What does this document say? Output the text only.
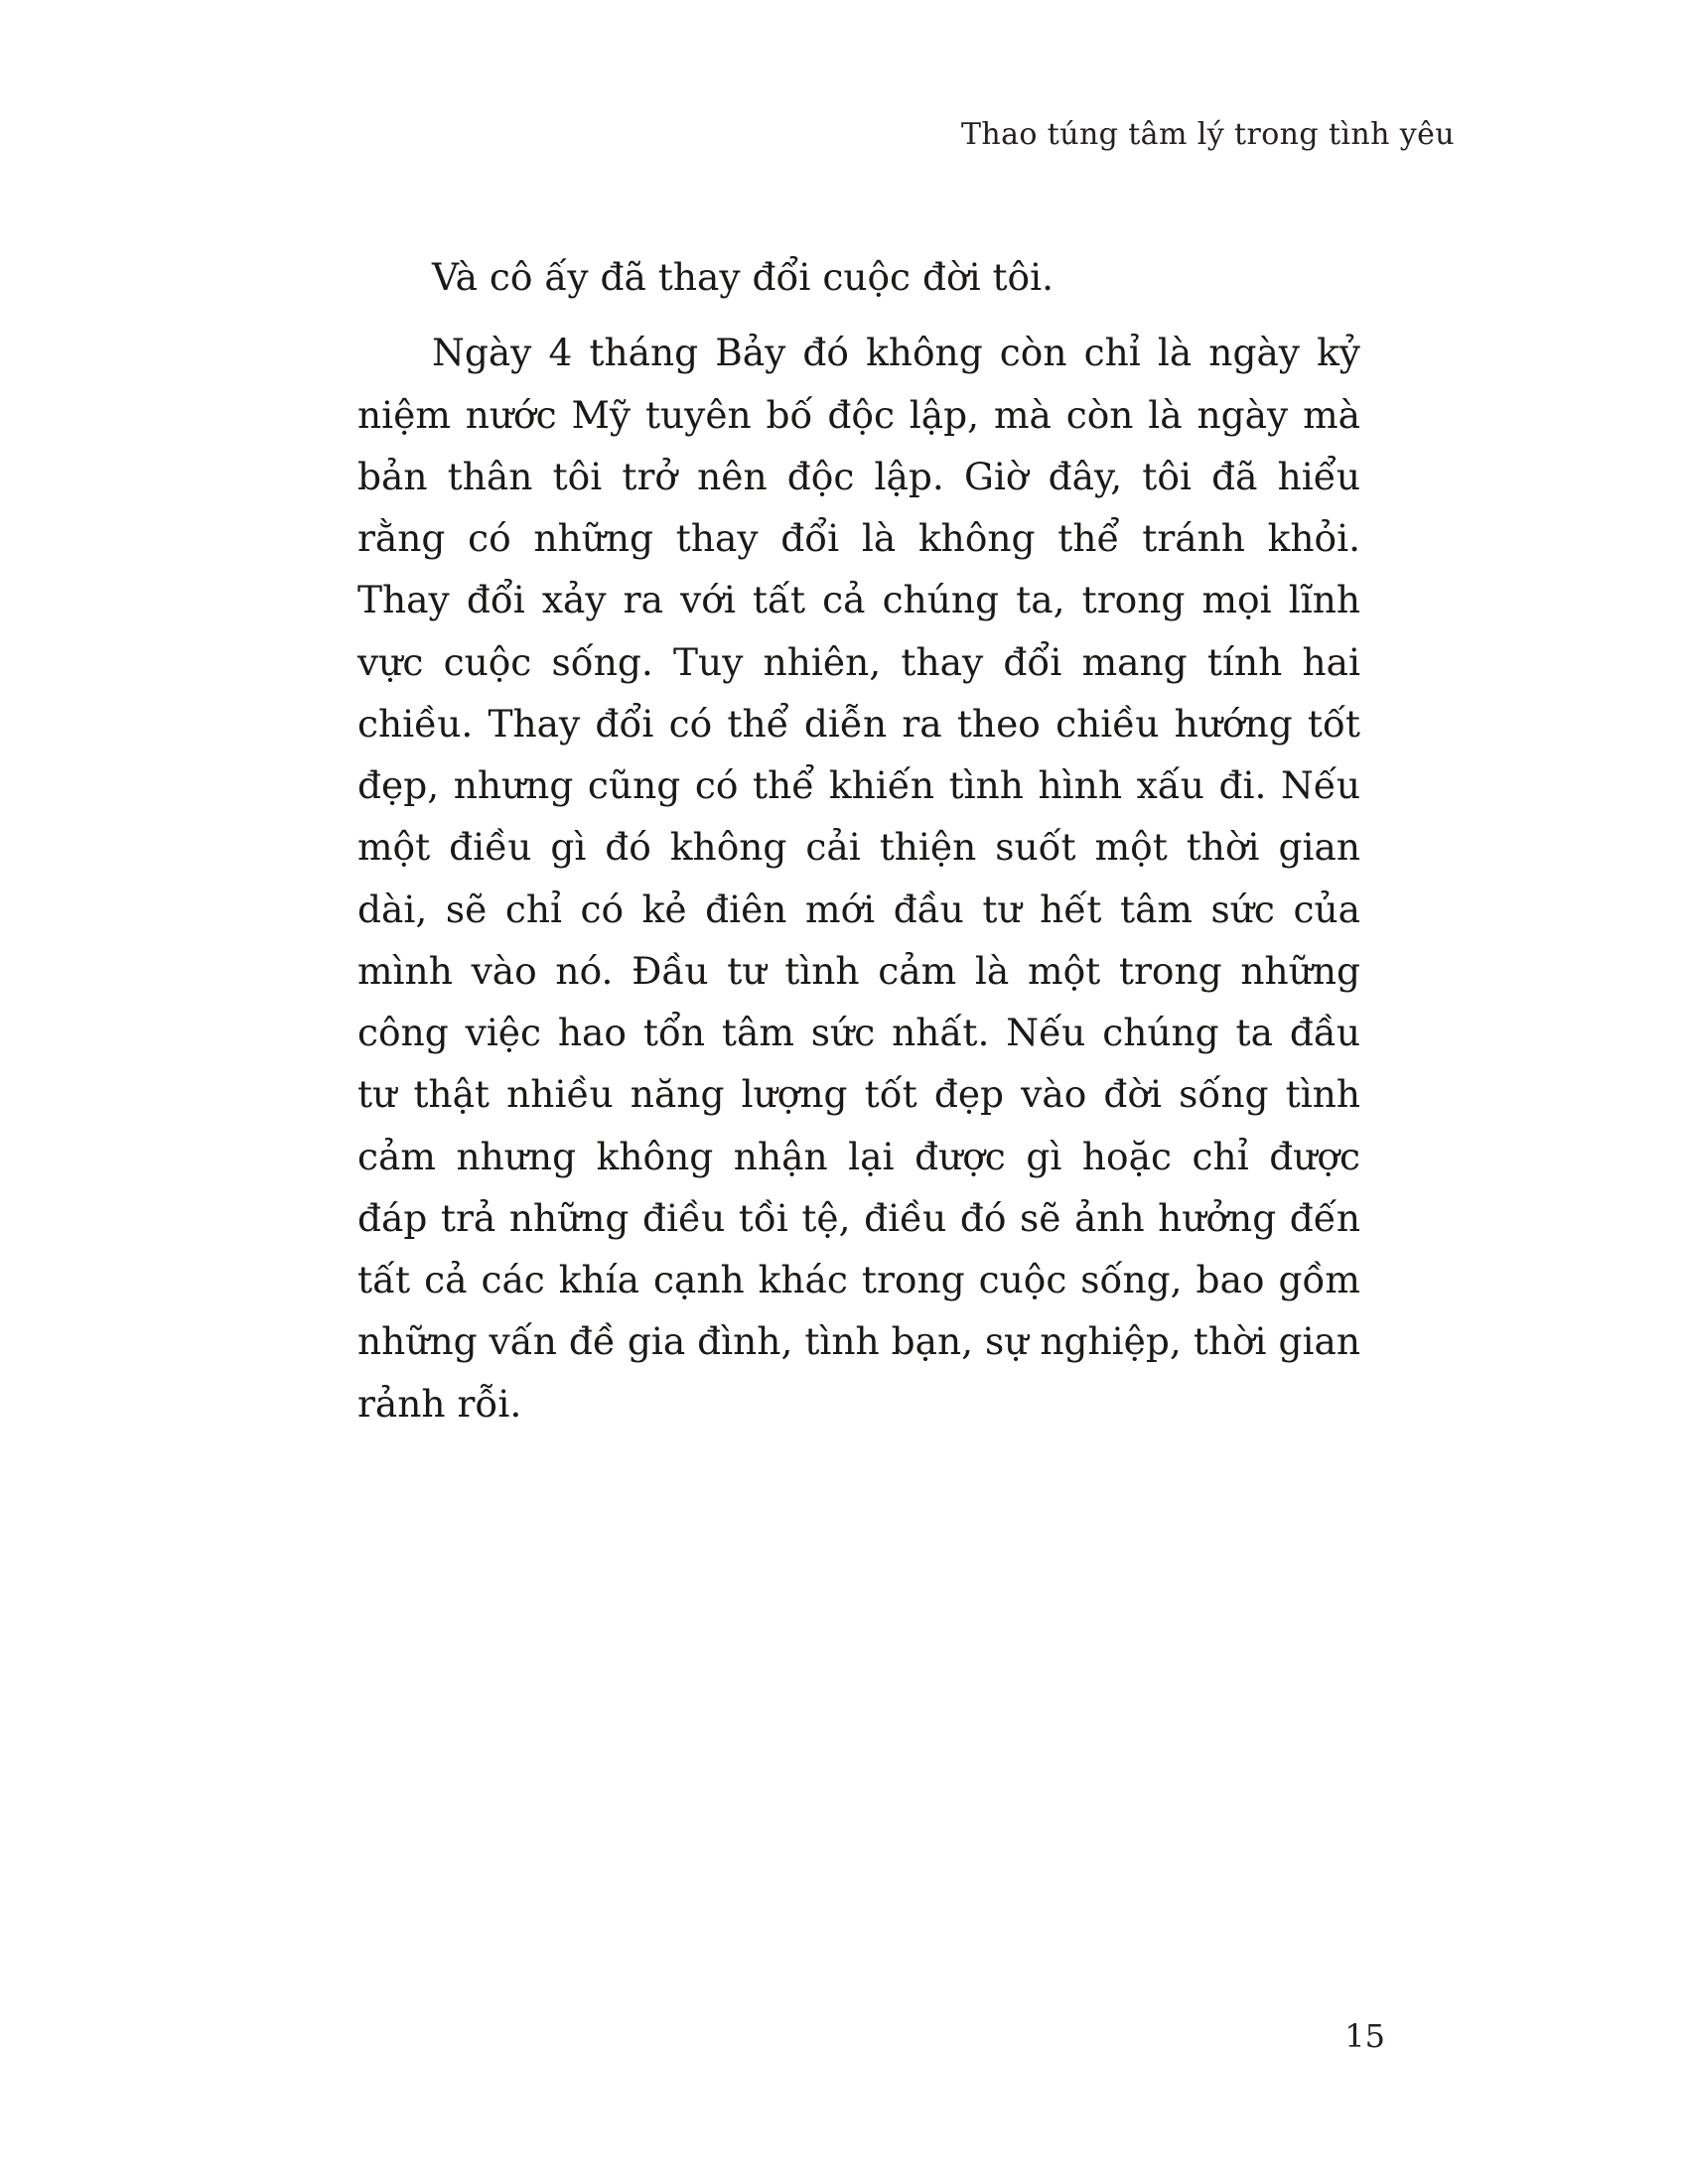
Thao túng tâm lý trong tình yêu

Và cô ấy đã thay đổi cuộc đời tôi.

Ngày 4 tháng Bảy đó không còn chỉ là ngày kỷ niệm nước Mỹ tuyên bố độc lập, mà còn là ngày mà bản thân tôi trở nên độc lập. Giờ đây, tôi đã hiểu rằng có những thay đổi là không thể tránh khỏi. Thay đổi xảy ra với tất cả chúng ta, trong mọi lĩnh vực cuộc sống. Tuy nhiên, thay đổi mang tính hai chiều. Thay đổi có thể diễn ra theo chiều hướng tốt đẹp, nhưng cũng có thể khiến tình hình xấu đi. Nếu một điều gì đó không cải thiện suốt một thời gian dài, sẽ chỉ có kẻ điên mới đầu tư hết tâm sức của mình vào nó. Đầu tư tình cảm là một trong những công việc hao tổn tâm sức nhất. Nếu chúng ta đầu tư thật nhiều năng lượng tốt đẹp vào đời sống tình cảm nhưng không nhận lại được gì hoặc chỉ được đáp trả những điều tồi tệ, điều đó sẽ ảnh hưởng đến tất cả các khía cạnh khác trong cuộc sống, bao gồm những vấn đề gia đình, tình bạn, sự nghiệp, thời gian rảnh rỗi.

15
